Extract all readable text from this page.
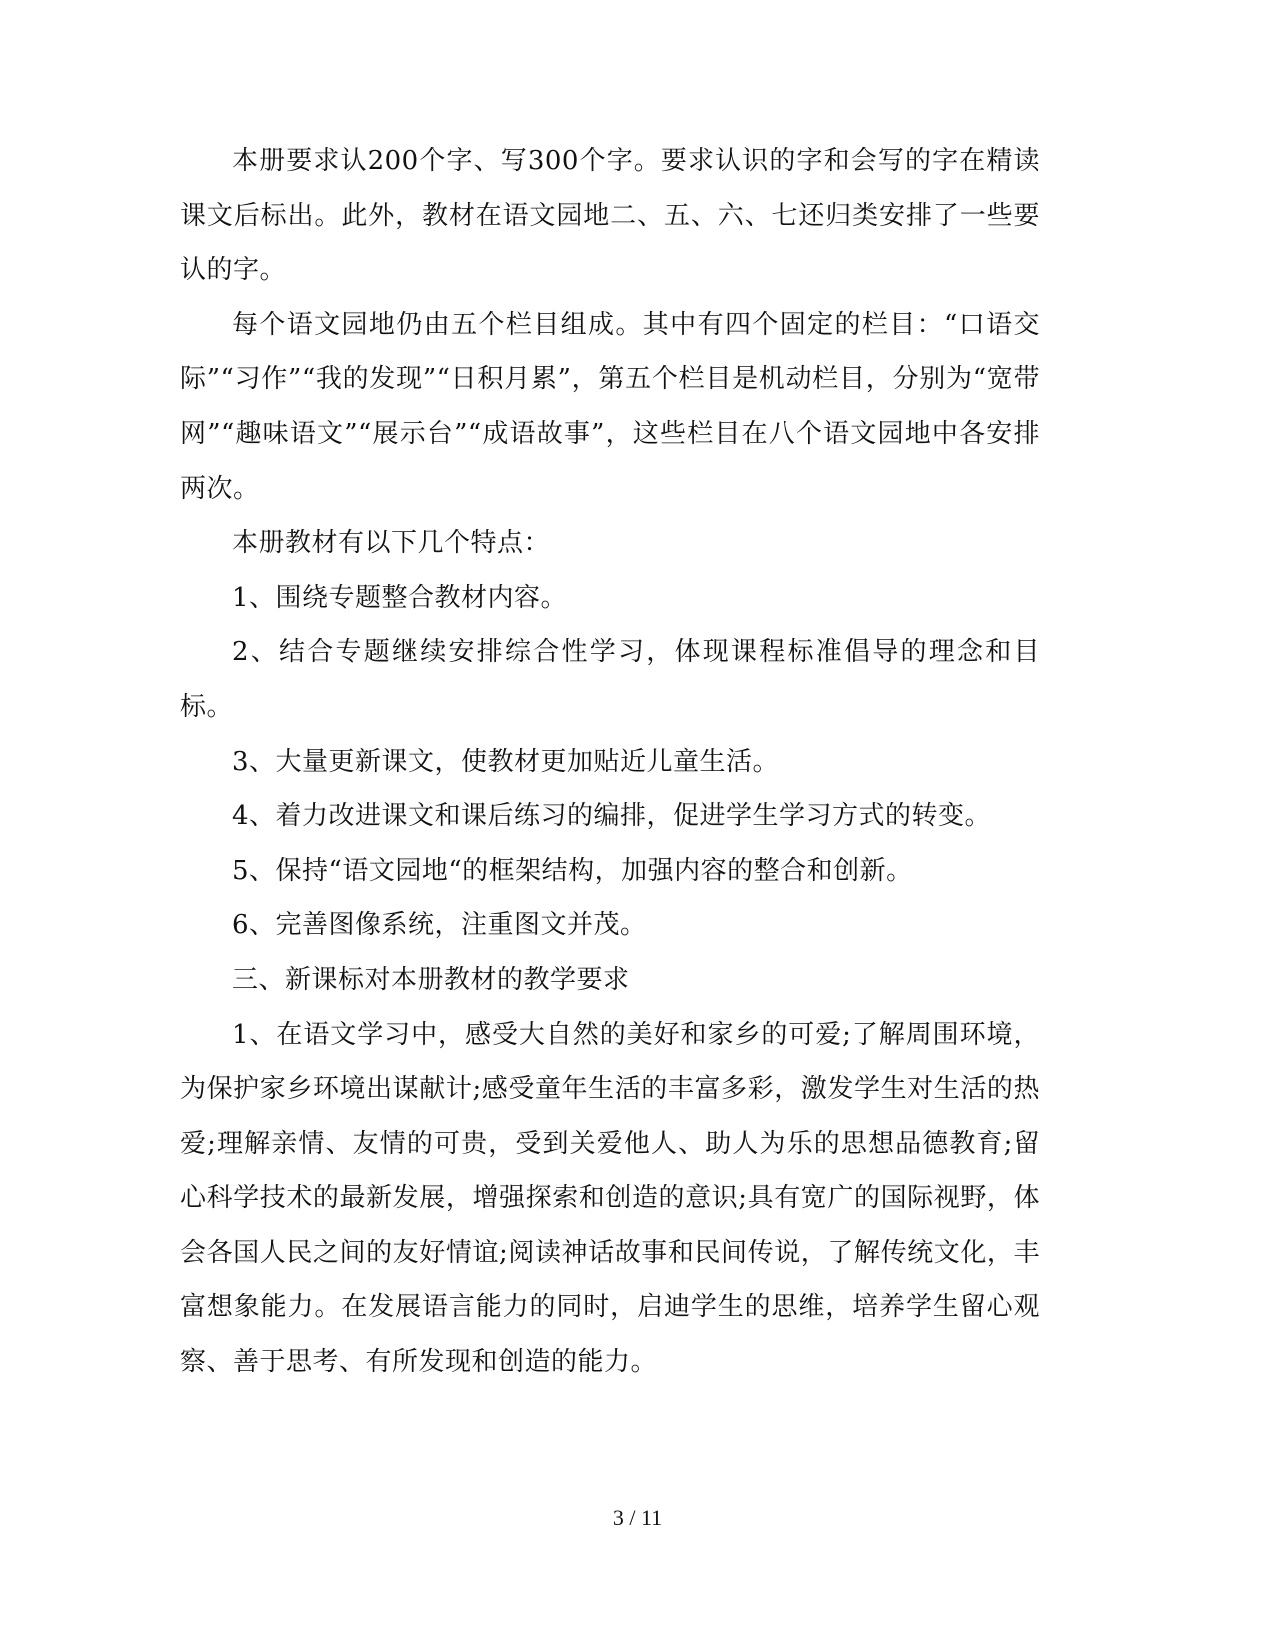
本册要求认200个字、写300个字。要求认识的字和会写的字在精读课文后标出。此外，教材在语文园地二、五、六、七还归类安排了一些要认的字。

每个语文园地仍由五个栏目组成。其中有四个固定的栏目：“口语交际”“习作”“我的发现”“日积月累”，第五个栏目是机动栏目，分别为“宽带网”“趣味语文”“展示台”“成语故事”，这些栏目在八个语文园地中各安排两次。

本册教材有以下几个特点：

1、围绕专题整合教材内容。

2、结合专题继续安排综合性学习，体现课程标准倡导的理念和目标。

3、大量更新课文，使教材更加贴近儿童生活。

4、着力改进课文和课后练习的编排，促进学生学习方式的转变。

5、保持“语文园地“的框架结构，加强内容的整合和创新。

6、完善图像系统，注重图文并茂。

三、新课标对本册教材的教学要求

1、在语文学习中，感受大自然的美好和家乡的可爱;了解周围环境，为保护家乡环境出谋献计;感受童年生活的丰富多彩，激发学生对生活的热爱;理解亲情、友情的可贵，受到关爱他人、助人为乐的思想品德教育;留心科学技术的最新发展，增强探索和创造的意识;具有宽广的国际视野，体会各国人民之间的友好情谊;阅读神话故事和民间传说，了解传统文化，丰富想象能力。在发展语言能力的同时，启迪学生的思维，培养学生留心观察、善于思考、有所发现和创造的能力。

3 / 11
